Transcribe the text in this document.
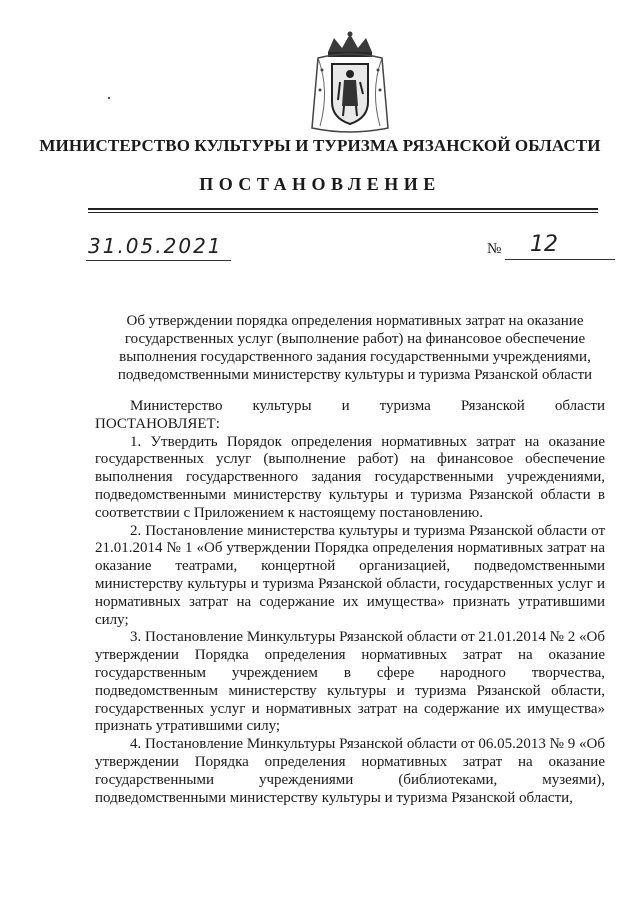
МИНИСТЕРСТВО КУЛЬТУРЫ И ТУРИЗМА РЯЗАНСКОЙ ОБЛАСТИ
ПОСТАНОВЛЕНИЕ
31.05.2021	№ 12
Об утверждении порядка определения нормативных затрат на оказание государственных услуг (выполнение работ) на финансовое обеспечение выполнения государственного задания государственными учреждениями, подведомственными министерству культуры и туризма Рязанской области

Министерство культуры и туризма Рязанской области

ПОСТАНОВЛЯЕТ:

1. Утвердить Порядок определения нормативных затрат на оказание государственных услуг (выполнение работ) на финансовое обеспечение выполнения государственного задания государственными учреждениями, подведомственными министерству культуры и туризма Рязанской области в соответствии с Приложением к настоящему постановлению.

2. Постановление министерства культуры и туризма Рязанской области от 21.01.2014 № 1 «Об утверждении Порядка определения нормативных затрат на оказание театрами, концертной организацией, подведомственными министерству культуры и туризма Рязанской области, государственных услуг и нормативных затрат на содержание их имущества» признать утратившими силу;

3. Постановление Минкультуры Рязанской области от 21.01.2014 № 2 «Об утверждении Порядка определения нормативных затрат на оказание государственным учреждением в сфере народного творчества, подведомственным министерству культуры и туризма Рязанской области, государственных услуг и нормативных затрат на содержание их имущества» признать утратившими силу;

4. Постановление Минкультуры Рязанской области от 06.05.2013 № 9 «Об утверждении Порядка определения нормативных затрат на оказание государственными учреждениями (библиотеками, музеями), подведомственными министерству культуры и туризма Рязанской области,
